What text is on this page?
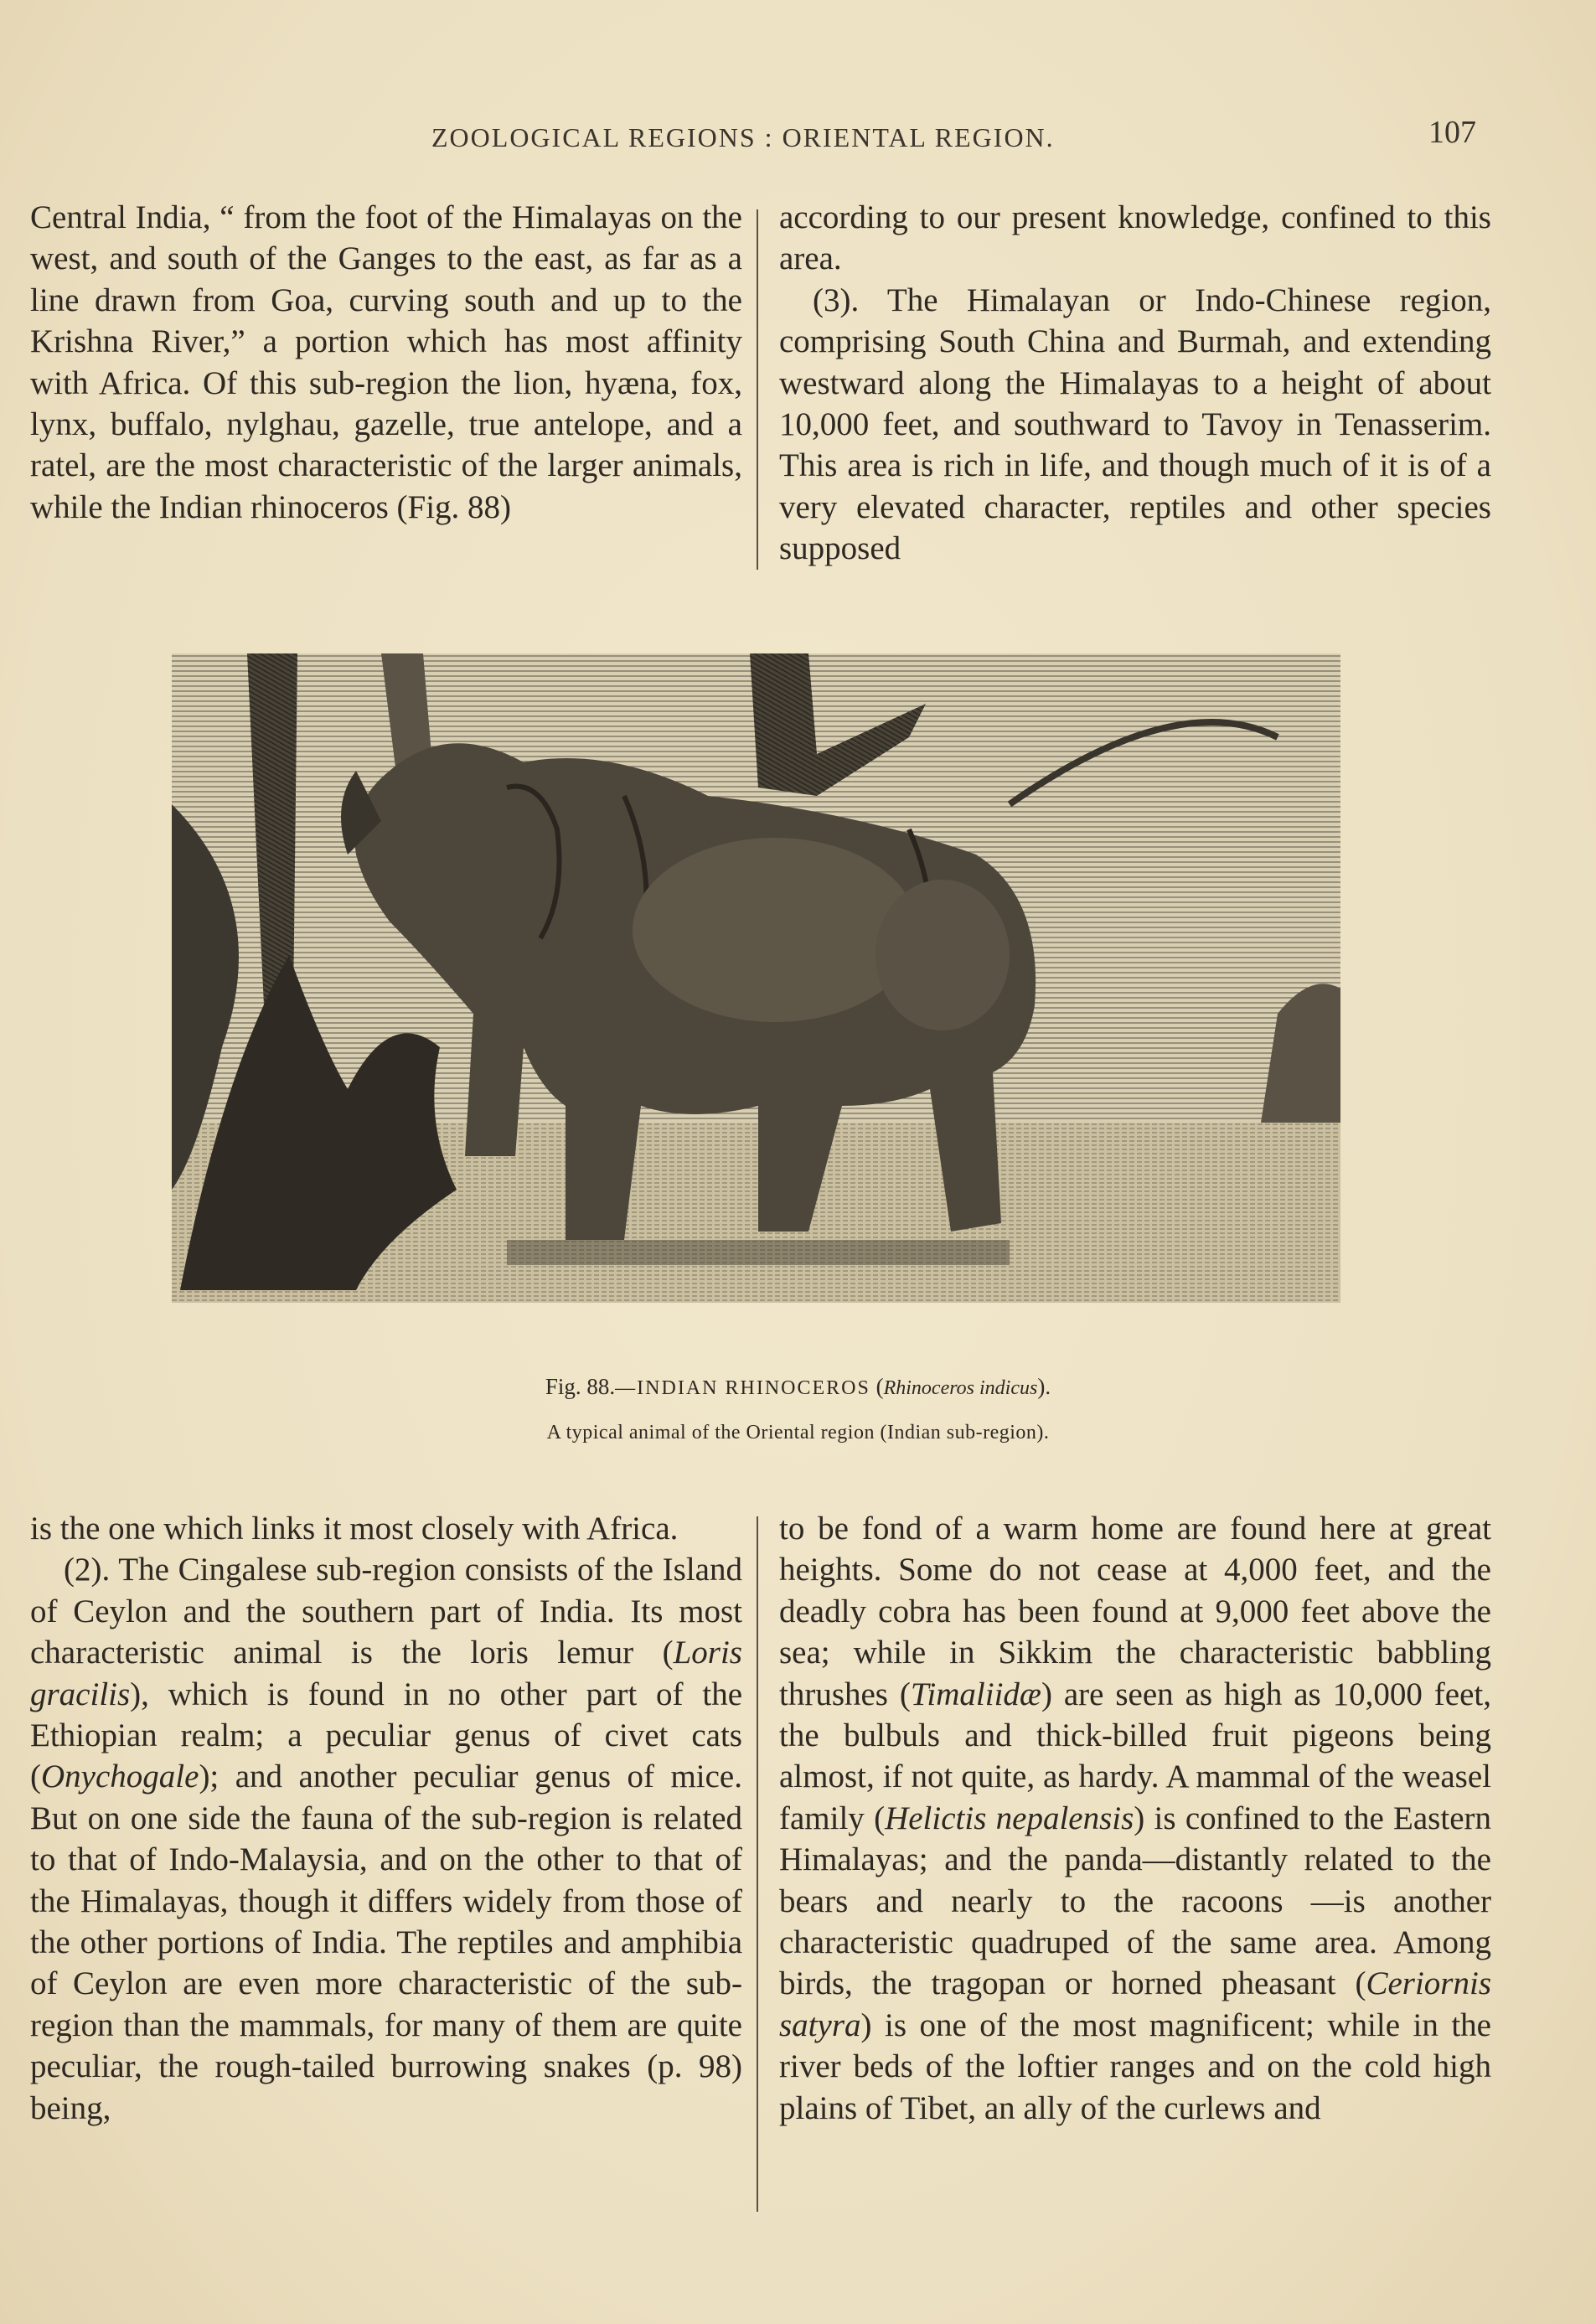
ZOOLOGICAL REGIONS : ORIENTAL REGION.	107

Central India, “ from the foot of the Himalayas on the west, and south of the Ganges to the east, as far as a line drawn from Goa, curving south and up to the Krishna River,” a portion which has most affinity with Africa. Of this sub-region the lion, hyæna, fox, lynx, buffalo, nylghau, gazelle, true antelope, and a ratel, are the most characteristic of the larger animals, while the Indian rhinoceros (Fig. 88)

according to our present knowledge, confined to this area.

(3). The Himalayan or Indo-Chinese region, comprising South China and Burmah, and extending westward along the Himalayas to a height of about 10,000 feet, and southward to Tavoy in Tenasserim. This area is rich in life, and though much of it is of a very elevated character, reptiles and other species supposed

Fig. 88.—INDIAN RHINOCEROS (Rhinoceros indicus).
A typical animal of the Oriental region (Indian sub-region).

is the one which links it most closely with Africa.

(2). The Cingalese sub-region consists of the Island of Ceylon and the southern part of India. Its most characteristic animal is the loris lemur (Loris gracilis), which is found in no other part of the Ethiopian realm; a peculiar genus of civet cats (Onychogale); and another peculiar genus of mice. But on one side the fauna of the sub-region is related to that of Indo-Malaysia, and on the other to that of the Himalayas, though it differs widely from those of the other portions of India. The reptiles and amphibia of Ceylon are even more characteristic of the sub-region than the mammals, for many of them are quite peculiar, the rough-tailed burrowing snakes (p. 98) being,

to be fond of a warm home are found here at great heights. Some do not cease at 4,000 feet, and the deadly cobra has been found at 9,000 feet above the sea; while in Sikkim the characteristic babbling thrushes (Timaliidæ) are seen as high as 10,000 feet, the bulbuls and thick-billed fruit pigeons being almost, if not quite, as hardy. A mammal of the weasel family (Helictis nepalensis) is confined to the Eastern Himalayas; and the panda—distantly related to the bears and nearly to the racoons —is another characteristic quadruped of the same area. Among birds, the tragopan or horned pheasant (Ceriornis satyra) is one of the most magnificent; while in the river beds of the loftier ranges and on the cold high plains of Tibet, an ally of the curlews and
